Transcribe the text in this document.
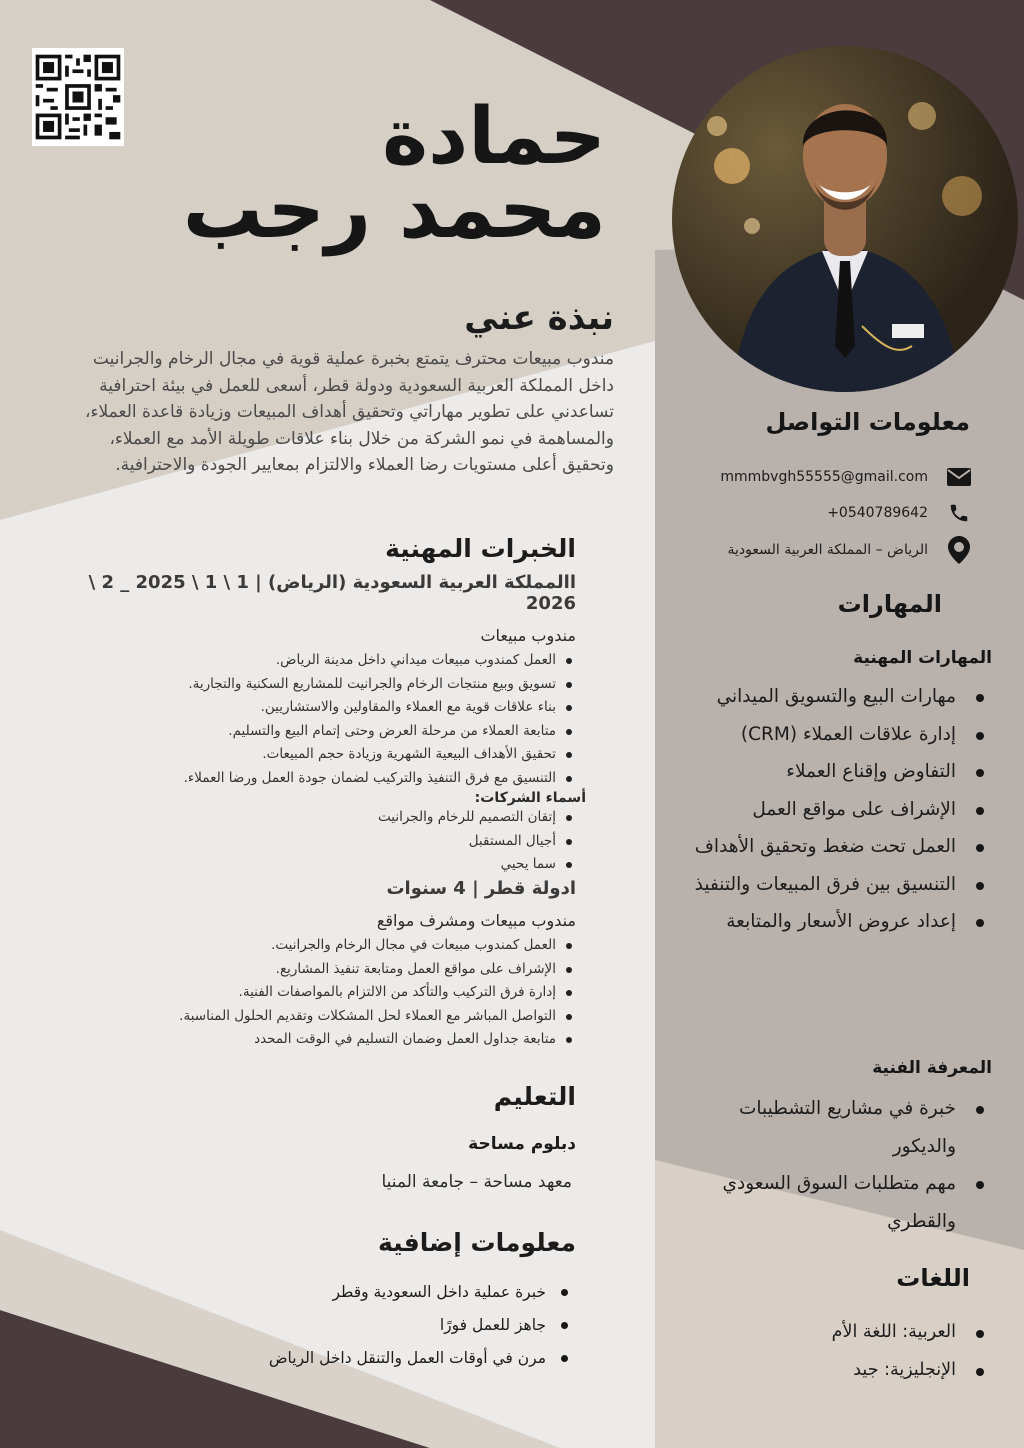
حمادة
محمد رجب
نبذة عني
مندوب مبيعات محترف يتمتع بخبرة عملية قوية في مجال الرخام والجرانيت داخل المملكة العربية السعودية ودولة قطر، أسعى للعمل في بيئة احترافية تساعدني على تطوير مهاراتي وتحقيق أهداف المبيعات وزيادة قاعدة العملاء، والمساهمة في نمو الشركة من خلال بناء علاقات طويلة الأمد مع العملاء، وتحقيق أعلى مستويات رضا العملاء والالتزام بمعايير الجودة والاحترافية.
الخبرات المهنية
االمملكة العربية السعودية (الرياض) | 1 \ 1 \ 2025 _ 2 \ 2026
مندوب مبيعات
العمل كمندوب مبيعات ميداني داخل مدينة الرياض.
تسويق وبيع منتجات الرخام والجرانيت للمشاريع السكنية والتجارية.
بناء علاقات قوية مع العملاء والمقاولين والاستشاريين.
متابعة العملاء من مرحلة العرض وحتى إتمام البيع والتسليم.
تحقيق الأهداف البيعية الشهرية وزيادة حجم المبيعات.
التنسيق مع فرق التنفيذ والتركيب لضمان جودة العمل ورضا العملاء.
أسماء الشركات:
إتقان التصميم للرخام والجرانيت
أجيال المستقبل
سما يحيي
ادولة قطر | 4 سنوات
مندوب مبيعات ومشرف مواقع
العمل كمندوب مبيعات في مجال الرخام والجرانيت.
الإشراف على مواقع العمل ومتابعة تنفيذ المشاريع.
إدارة فرق التركيب والتأكد من الالتزام بالمواصفات الفنية.
التواصل المباشر مع العملاء لحل المشكلات وتقديم الحلول المناسبة.
متابعة جداول العمل وضمان التسليم في الوقت المحدد
التعليم
دبلوم مساحة
معهد مساحة – جامعة المنيا
معلومات إضافية
خبرة عملية داخل السعودية وقطر
جاهز للعمل فورًا
مرن في أوقات العمل والتنقل داخل الرياض
معلومات التواصل
mmmbvgh55555@gmail.com
+0540789642
الرياض – المملكة العربية السعودية
المهارات
المهارات المهنية
مهارات البيع والتسويق الميداني
إدارة علاقات العملاء (CRM)
التفاوض وإقناع العملاء
الإشراف على مواقع العمل
العمل تحت ضغط وتحقيق الأهداف
التنسيق بين فرق المبيعات والتنفيذ
إعداد عروض الأسعار والمتابعة
المعرفة الفنية
خبرة في مشاريع التشطيبات والديكور
مهم متطلبات السوق السعودي والقطري
اللغات
العربية: اللغة الأم
الإنجليزية: جيد
